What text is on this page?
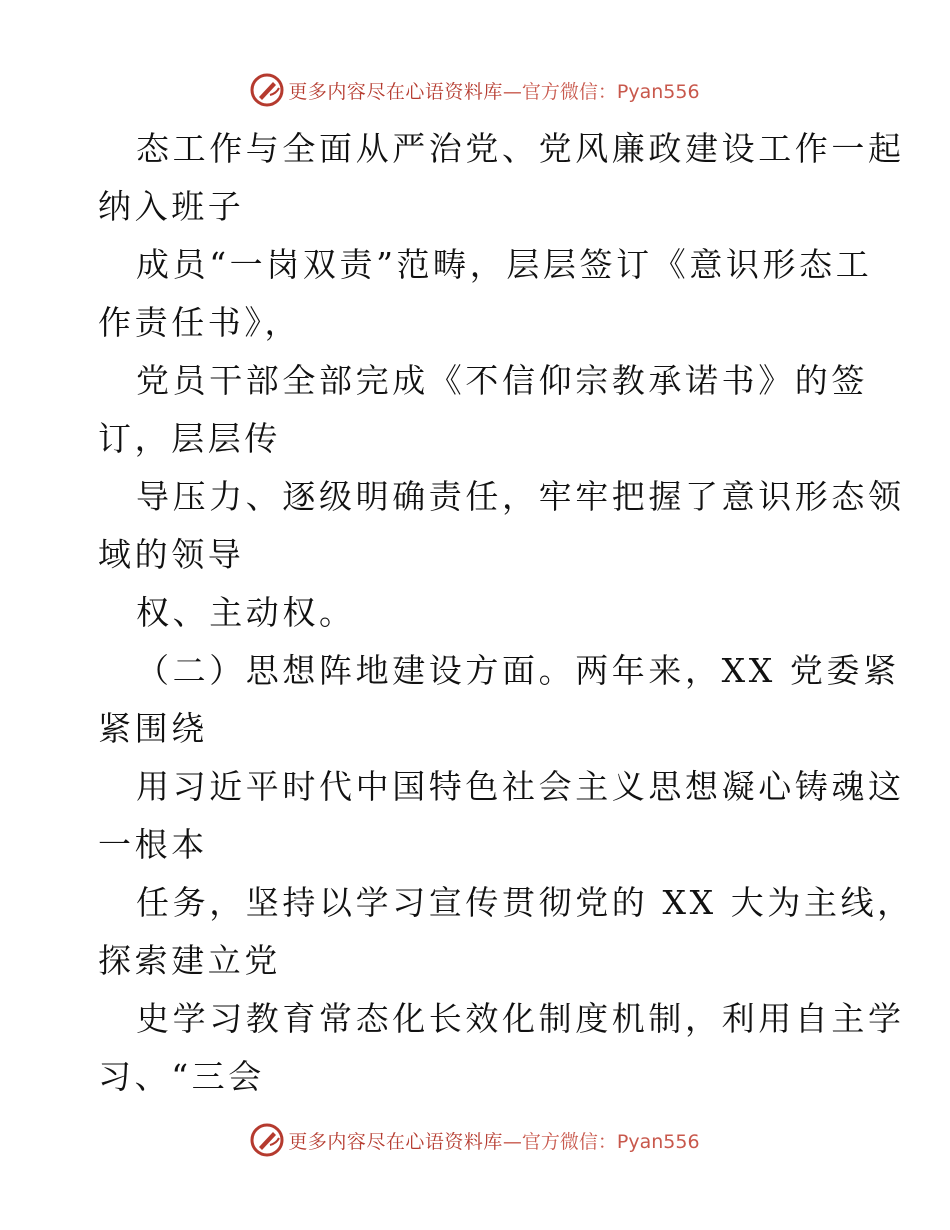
更多内容尽在心语资料库 —官方微信：Pyan556
态工作与全面从严治党、党风廉政建设工作一起
纳入班子
成员“一岗双责”范畴，层层签订《意识形态工
作责任书》，
党员干部全部完成《不信仰宗教承诺书》的签
订，层层传
导压力、逐级明确责任，牢牢把握了意识形态领
域的领导
权、主动权。
（二）思想阵地建设方面。两年来，XX 党委紧
紧围绕
用习近平时代中国特色社会主义思想凝心铸魂这
一根本
任务，坚持以学习宣传贯彻党的 XX 大为主线，
探索建立党
史学习教育常态化长效化制度机制，利用自主学
习、“三会
更多内容尽在心语资料库 —官方微信：Pyan556
